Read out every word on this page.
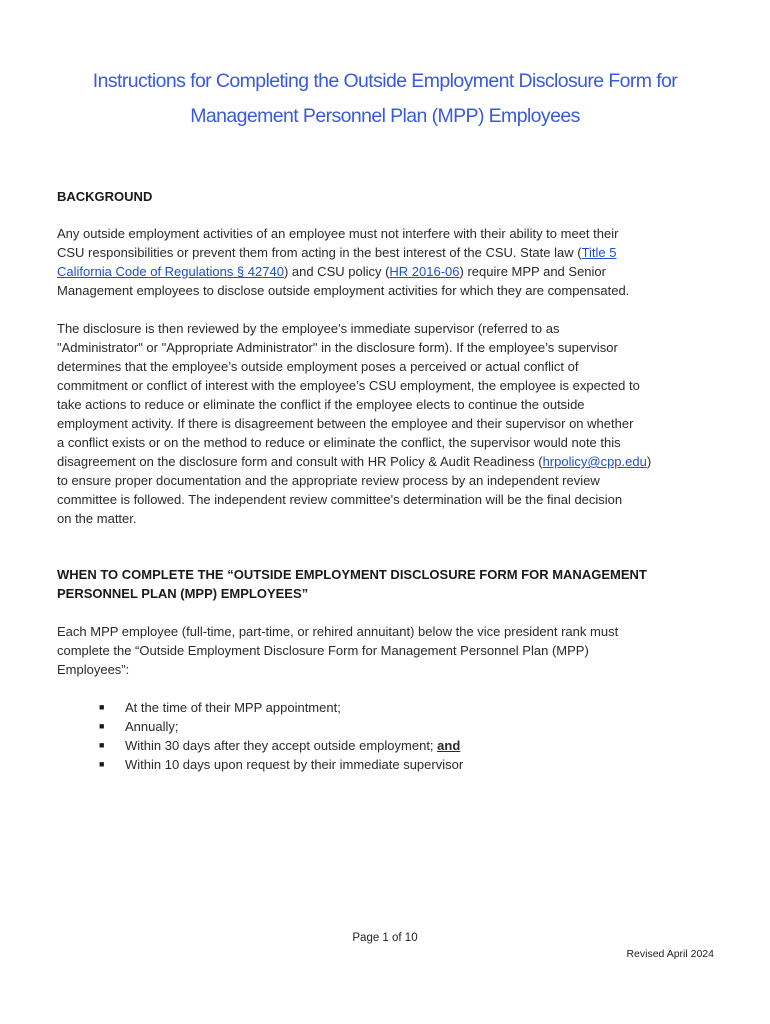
Instructions for Completing the Outside Employment Disclosure Form for
Management Personnel Plan (MPP) Employees
BACKGROUND
Any outside employment activities of an employee must not interfere with their ability to meet their
CSU responsibilities or prevent them from acting in the best interest of the CSU. State law (Title 5
California Code of Regulations § 42740) and CSU policy (HR 2016-06) require MPP and Senior
Management employees to disclose outside employment activities for which they are compensated.
The disclosure is then reviewed by the employee's immediate supervisor (referred to as
"Administrator" or "Appropriate Administrator" in the disclosure form). If the employee’s supervisor
determines that the employee’s outside employment poses a perceived or actual conflict of
commitment or conflict of interest with the employee’s CSU employment, the employee is expected to
take actions to reduce or eliminate the conflict if the employee elects to continue the outside
employment activity. If there is disagreement between the employee and their supervisor on whether
a conflict exists or on the method to reduce or eliminate the conflict, the supervisor would note this
disagreement on the disclosure form and consult with HR Policy & Audit Readiness (hrpolicy@cpp.edu)
to ensure proper documentation and the appropriate review process by an independent review
committee is followed. The independent review committee's determination will be the final decision
on the matter.
WHEN TO COMPLETE THE “OUTSIDE EMPLOYMENT DISCLOSURE FORM FOR MANAGEMENT
PERSONNEL PLAN (MPP) EMPLOYEES”
Each MPP employee (full-time, part-time, or rehired annuitant) below the vice president rank must
complete the “Outside Employment Disclosure Form for Management Personnel Plan (MPP)
Employees”:
■	At the time of their MPP appointment;
■	Annually;
■	Within 30 days after they accept outside employment; and
■	Within 10 days upon request by their immediate supervisor
Page 1 of 10
Revised April 2024
